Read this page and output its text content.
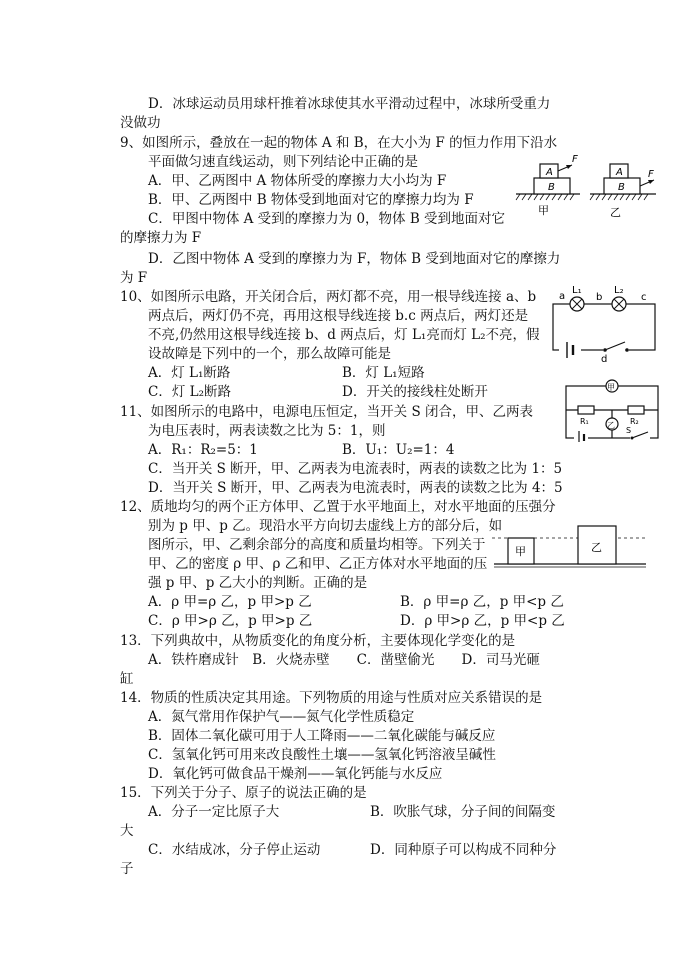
D．冰球运动员用球杆推着冰球使其水平滑动过程中，冰球所受重力
没做功
9、如图所示，叠放在一起的物体 A 和 B，在大小为 F 的恒力作用下沿水
平面做匀速直线运动，则下列结论中正确的是
A．甲、乙两图中 A 物体所受的摩擦力大小均为 F
B．甲、乙两图中 B 物体受到地面对它的摩擦力均为 F
C．甲图中物体 A 受到的摩擦力为 0，物体 B 受到地面对它
的摩擦力为 F
D．乙图中物体 A 受到的摩擦力为 F，物体 B 受到地面对它的摩擦力
为 F
A
B
F
甲
A
B
F
乙
10、如图所示电路，开关闭合后，两灯都不亮，用一根导线连接 a、b
两点后，两灯仍不亮，再用这根导线连接 b.c 两点后，两灯还是
不亮,仍然用这根导线连接 b、d 两点后，灯 L₁亮而灯 L₂不亮，假
设故障是下列中的一个，那么故障可能是
A．灯 L₁断路	B．灯 L₁短路
C．灯 L₂断路	D．开关的接线柱处断开
L₁	L₂
a	b	c
d
11、如图所示的电路中，电源电压恒定，当开关 S 闭合，甲、乙两表
为电压表时，两表读数之比为 5：1，则
A．R₁：R₂=5：1	B．U₁：U₂=1：4
C．当开关 S 断开，甲、乙两表为电流表时，两表的读数之比为 1：5
D．当开关 S 断开，甲、乙两表为电流表时，两表的读数之比为 4：5
甲
R₁	R₂
乙
S
12、质地均匀的两个正方体甲、乙置于水平地面上，对水平地面的压强分
别为 p 甲、p 乙。现沿水平方向切去虚线上方的部分后，如
图所示，甲、乙剩余部分的高度和质量均相等。下列关于
甲、乙的密度 ρ 甲、ρ 乙和甲、乙正方体对水平地面的压
强 p 甲、p 乙大小的判断。正确的是
A．ρ 甲=ρ 乙，p 甲>p 乙	B．ρ 甲=ρ 乙，p 甲<p 乙
C．ρ 甲>ρ 乙，p 甲>p 乙	D．ρ 甲>ρ 乙，p 甲<p 乙
甲	乙
13．下列典故中，从物质变化的角度分析，主要体现化学变化的是
A．铁杵磨成针　B．火烧赤壁　　C．凿壁偷光　　D．司马光砸
缸
14．物质的性质决定其用途。下列物质的用途与性质对应关系错误的是
A．氮气常用作保护气——氮气化学性质稳定
B．固体二氧化碳可用于人工降雨——二氧化碳能与碱反应
C．氢氧化钙可用来改良酸性土壤——氢氧化钙溶液呈碱性
D．氧化钙可做食品干燥剂——氧化钙能与水反应
15．下列关于分子、原子的说法正确的是
A．分子一定比原子大	B．吹胀气球，分子间的间隔变
大
C．水结成冰，分子停止运动	D．同种原子可以构成不同种分
子
